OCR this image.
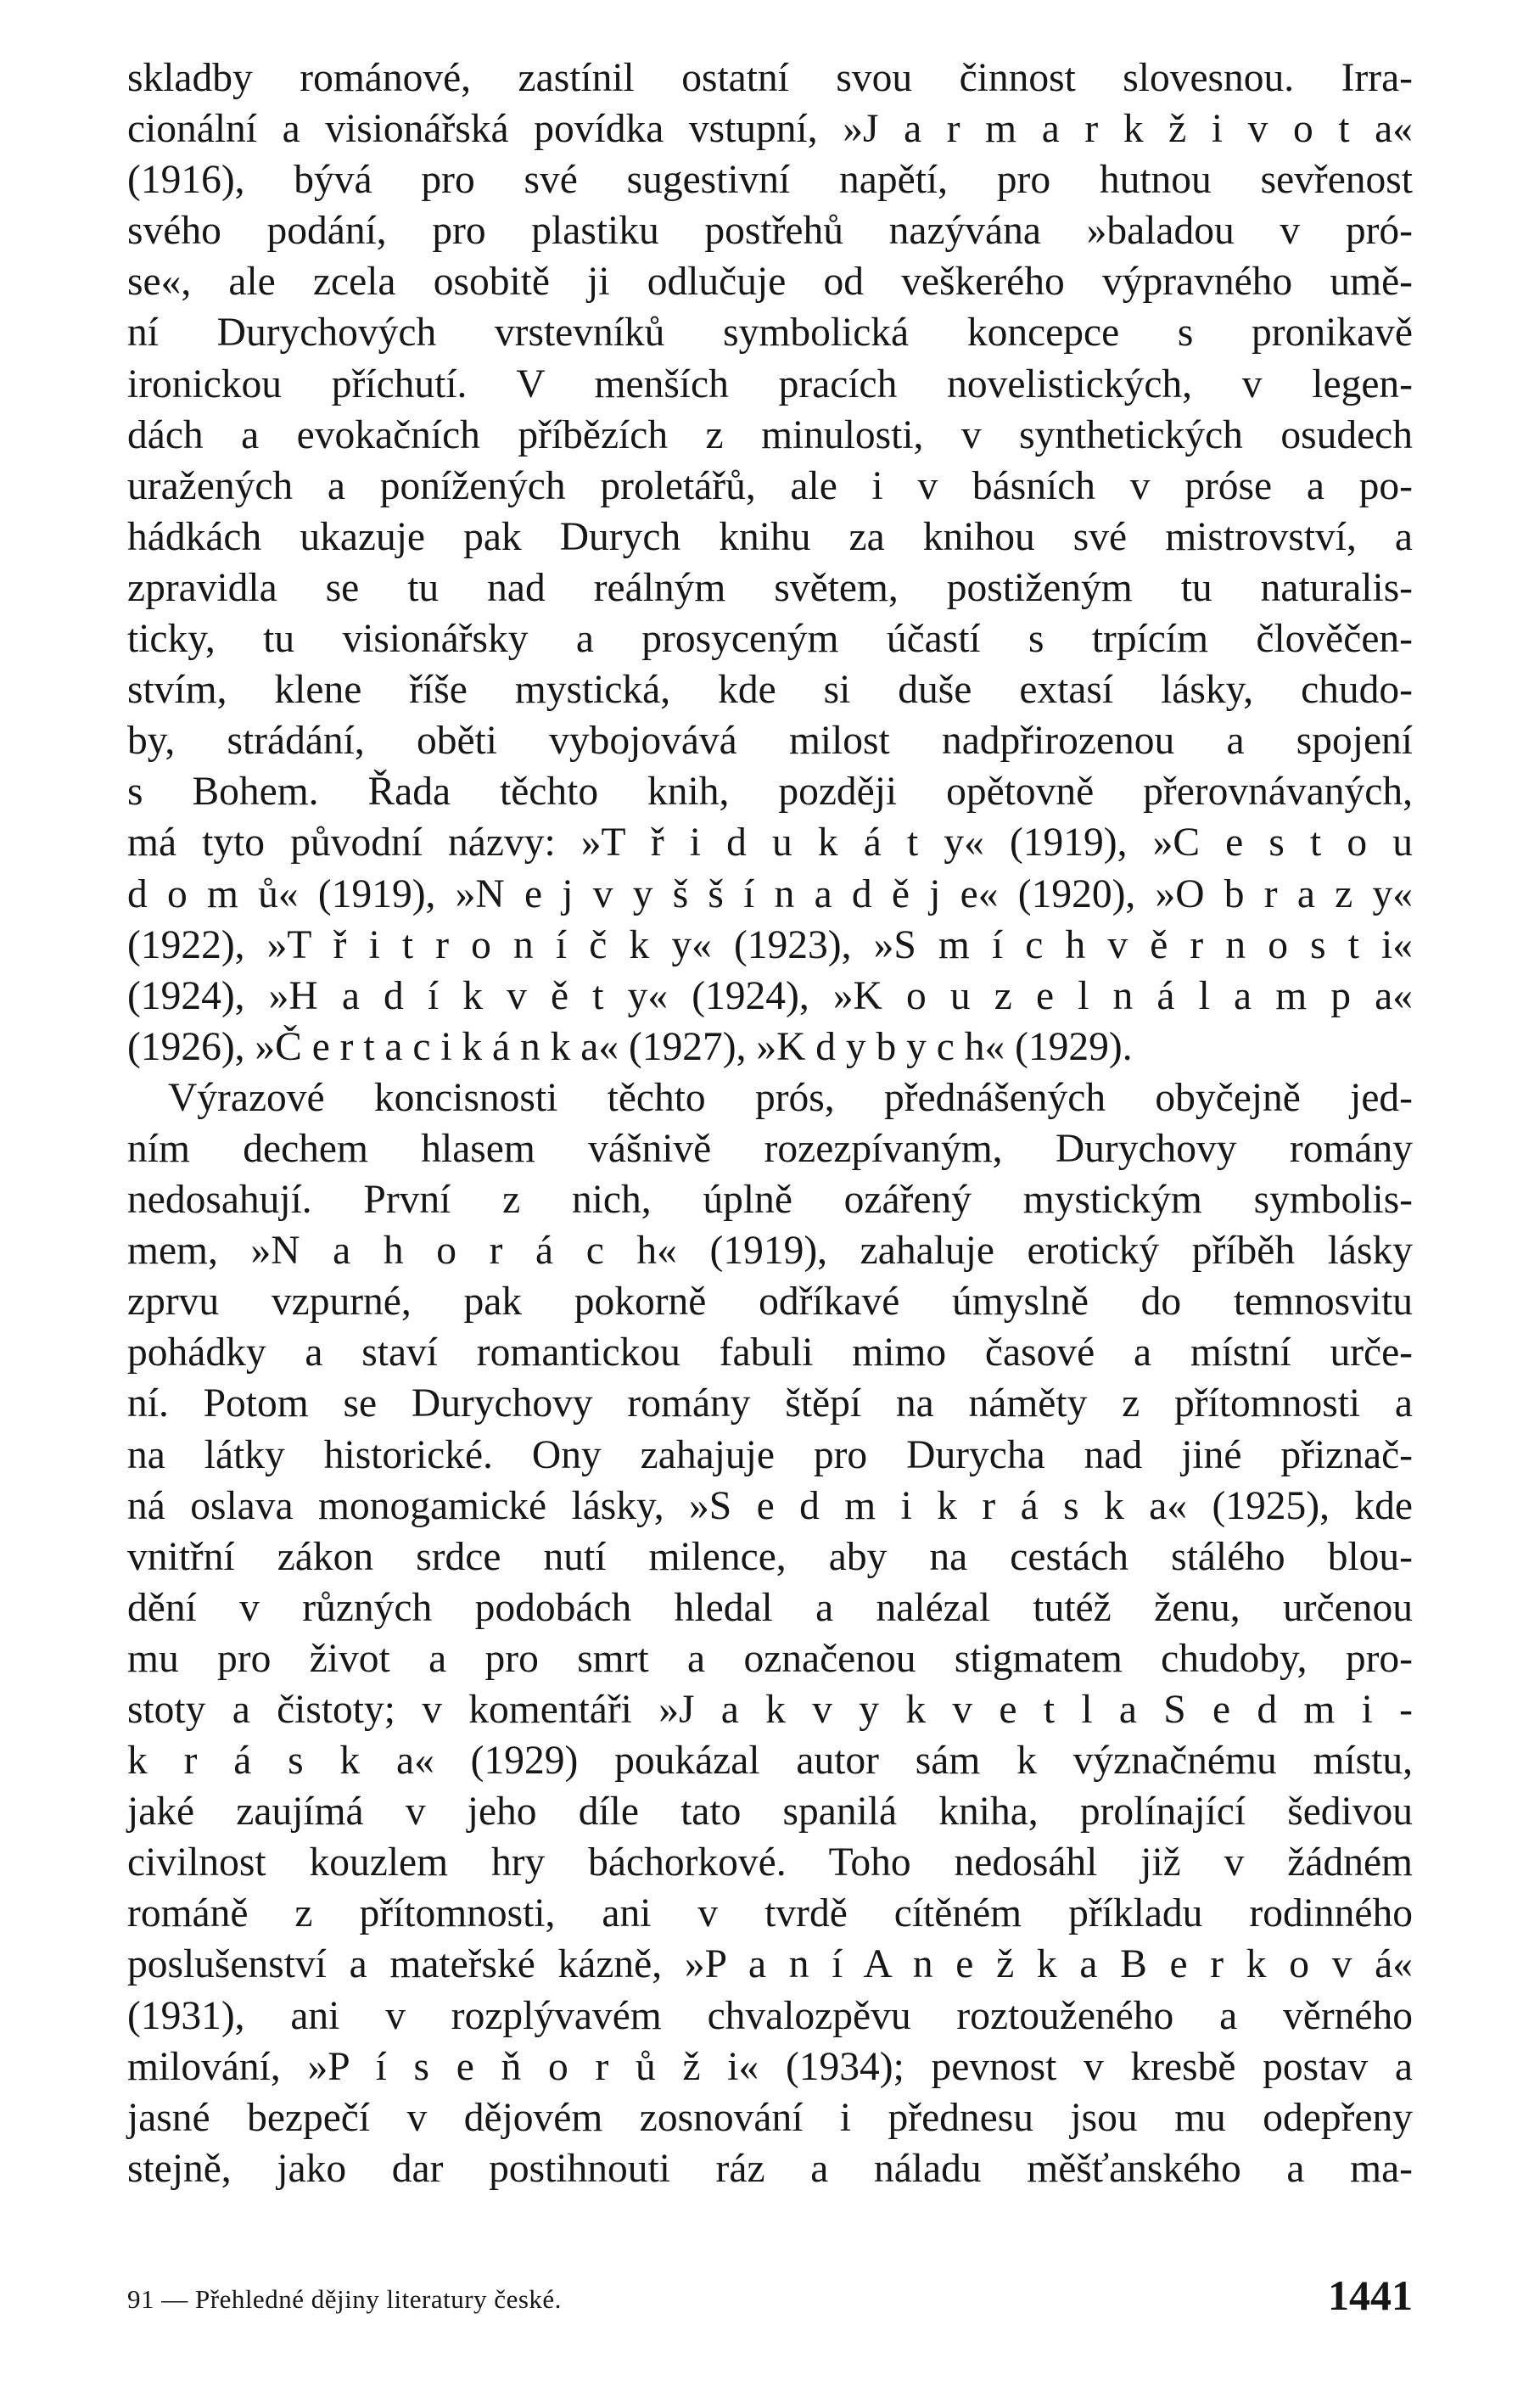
skladby románové, zastínil ostatní svou činnost slovesnou. Irra-
cionální a visionářská povídka vstupní, »J a r m a r k ž i v o t a«
(1916), bývá pro své sugestivní napětí, pro hutnou sevřenost
svého podání, pro plastiku postřehů nazývána »baladou v pró-
se«, ale zcela osobitě ji odlučuje od veškerého výpravného umě-
ní Durychových vrstevníků symbolická koncepce s pronikavě
ironickou příchutí. V menších pracích novelistických, v legen-
dách a evokačních příbězích z minulosti, v synthetických osudech
uražených a ponížených proletářů, ale i v básních v próse a po-
hádkách ukazuje pak Durych knihu za knihou své mistrovství, a
zpravidla se tu nad reálným světem, postiženým tu naturalis-
ticky, tu visionářsky a prosyceným účastí s trpícím člověčen-
stvím, klene říše mystická, kde si duše extasí lásky, chudo-
by, strádání, oběti vybojovává milost nadpřirozenou a spojení
s Bohem. Řada těchto knih, později opětovně přerovnávaných,
má tyto původní názvy: »T ř i d u k á t y« (1919), »C e s t o u
d o m ů« (1919), »N e j v y š š í n a d ě j e« (1920), »O b r a z y«
(1922), »T ř i t r o n í č k y« (1923), »S m í c h v ě r n o s t i«
(1924), »H a d í k v ě t y« (1924), »K o u z e l n á l a m p a«
(1926), »Č e r t a c i k á n k a« (1927), »K d y b y c h« (1929).
Výrazové koncisnosti těchto prós, přednášených obyčejně jed-
ním dechem hlasem vášnivě rozezpívaným, Durychovy romány
nedosahují. První z nich, úplně ozářený mystickým symbolis-
mem, »N a h o r á c h« (1919), zahaluje erotický příběh lásky
zprvu vzpurné, pak pokorně odříkavé úmyslně do temnosvitu
pohádky a staví romantickou fabuli mimo časové a místní urče-
ní. Potom se Durychovy romány štěpí na náměty z přítomnosti a
na látky historické. Ony zahajuje pro Durycha nad jiné přiznač-
ná oslava monogamické lásky, »S e d m i k r á s k a« (1925), kde
vnitřní zákon srdce nutí milence, aby na cestách stálého blou-
dění v různých podobách hledal a nalézal tutéž ženu, určenou
mu pro život a pro smrt a označenou stigmatem chudoby, pro-
stoty a čistoty; v komentáři »J a k v y k v e t l a S e d m i -
k r á s k a« (1929) poukázal autor sám k význačnému místu,
jaké zaujímá v jeho díle tato spanilá kniha, prolínající šedivou
civilnost kouzlem hry báchorkové. Toho nedosáhl již v žádném
románě z přítomnosti, ani v tvrdě cítěném příkladu rodinného
poslušenství a mateřské kázně, »P a n í A n e ž k a B e r k o v á«
(1931), ani v rozplývavém chvalozpěvu roztouženého a věrného
milování, »P í s e ň o r ů ž i« (1934); pevnost v kresbě postav a
jasné bezpečí v dějovém zosnování i přednesu jsou mu odepřeny
stejně, jako dar postihnouti ráz a náladu měšťanského a ma-
91 — Přehledné dějiny literatury české.	1441
